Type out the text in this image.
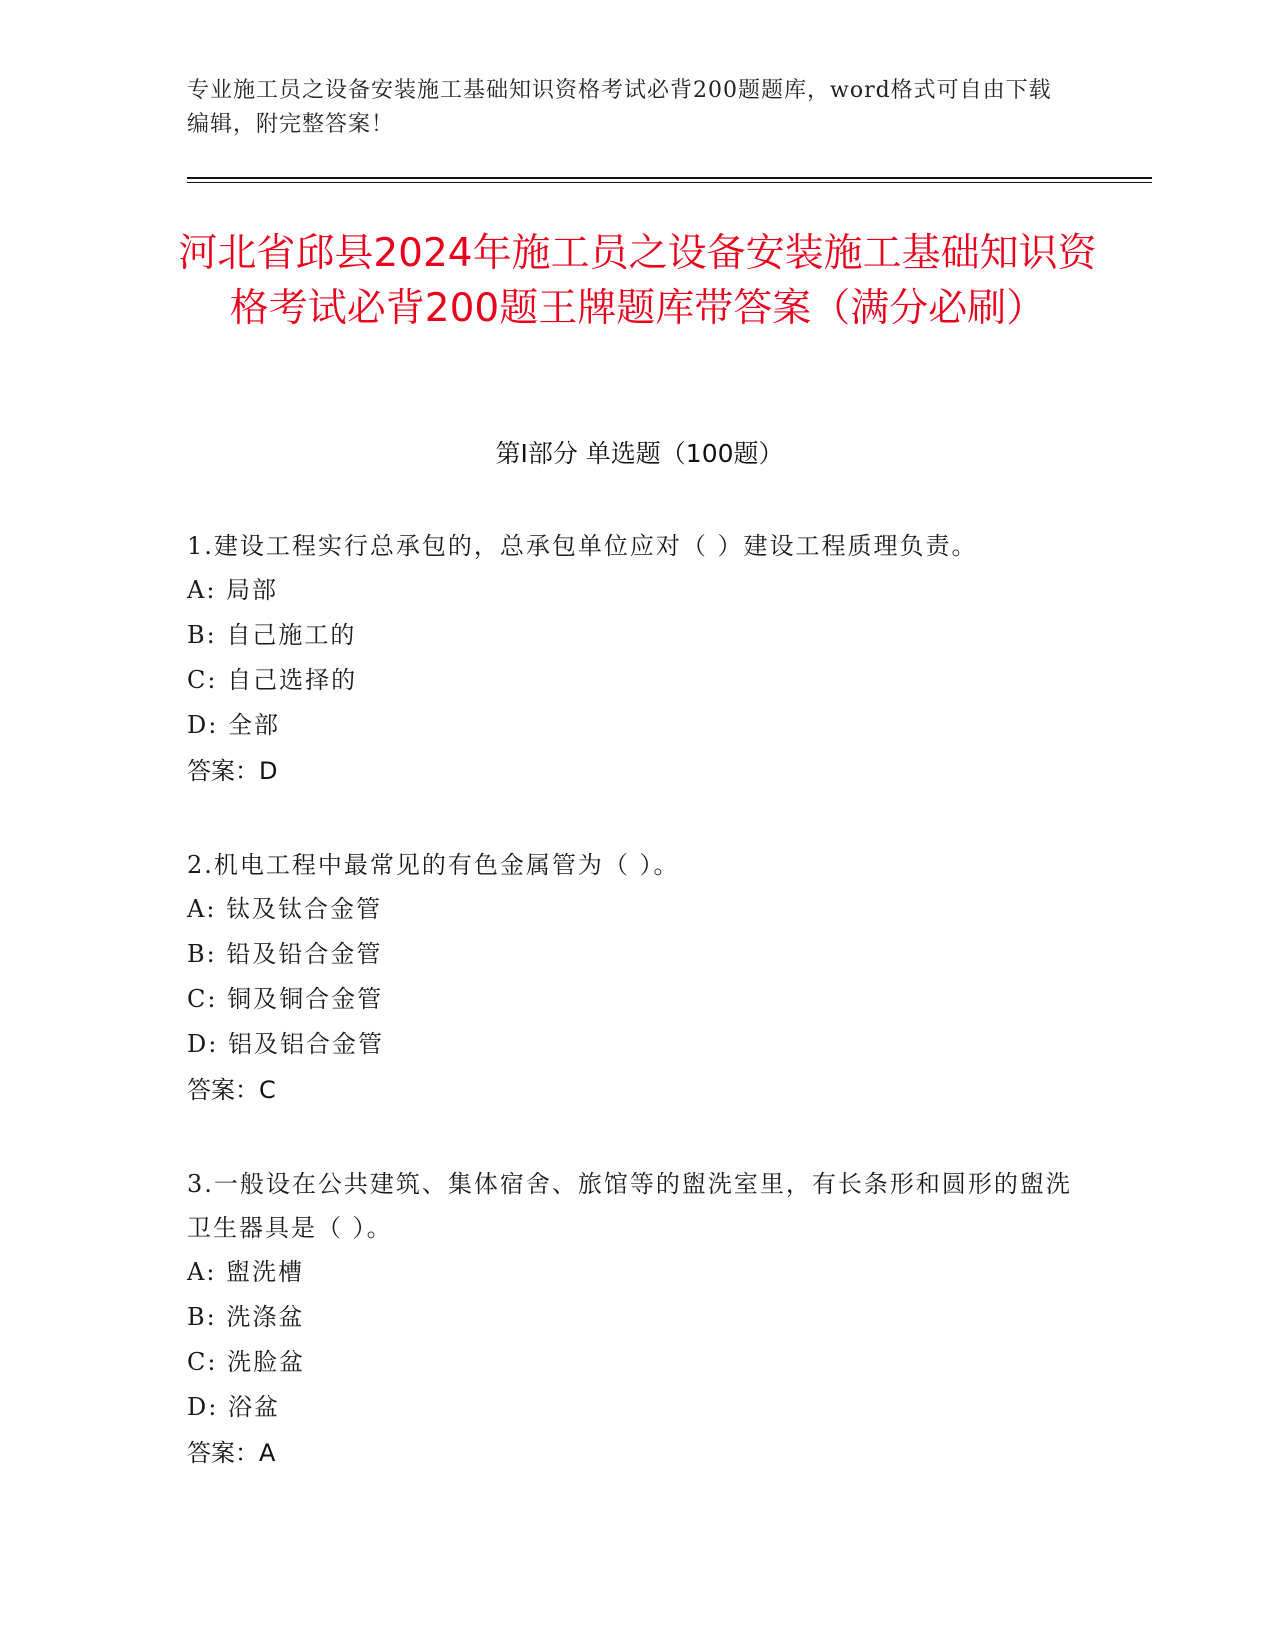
专业施工员之设备安装施工基础知识资格考试必背200题题库，word格式可自由下载编辑，附完整答案！
河北省邱县2024年施工员之设备安装施工基础知识资格考试必背200题王牌题库带答案（满分必刷）
第Ⅰ部分 单选题（100题）
1.建设工程实行总承包的，总承包单位应对（ ）建设工程质理负责。
A: 局部
B: 自己施工的
C: 自己选择的
D: 全部
答案：D
2.机电工程中最常见的有色金属管为（ ）。
A: 钛及钛合金管
B: 铅及铅合金管
C: 铜及铜合金管
D: 铝及铝合金管
答案：C
3.一般设在公共建筑、集体宿舍、旅馆等的盥洗室里，有长条形和圆形的盥洗卫生器具是（ ）。
A: 盥洗槽
B: 洗涤盆
C: 洗脸盆
D: 浴盆
答案：A
